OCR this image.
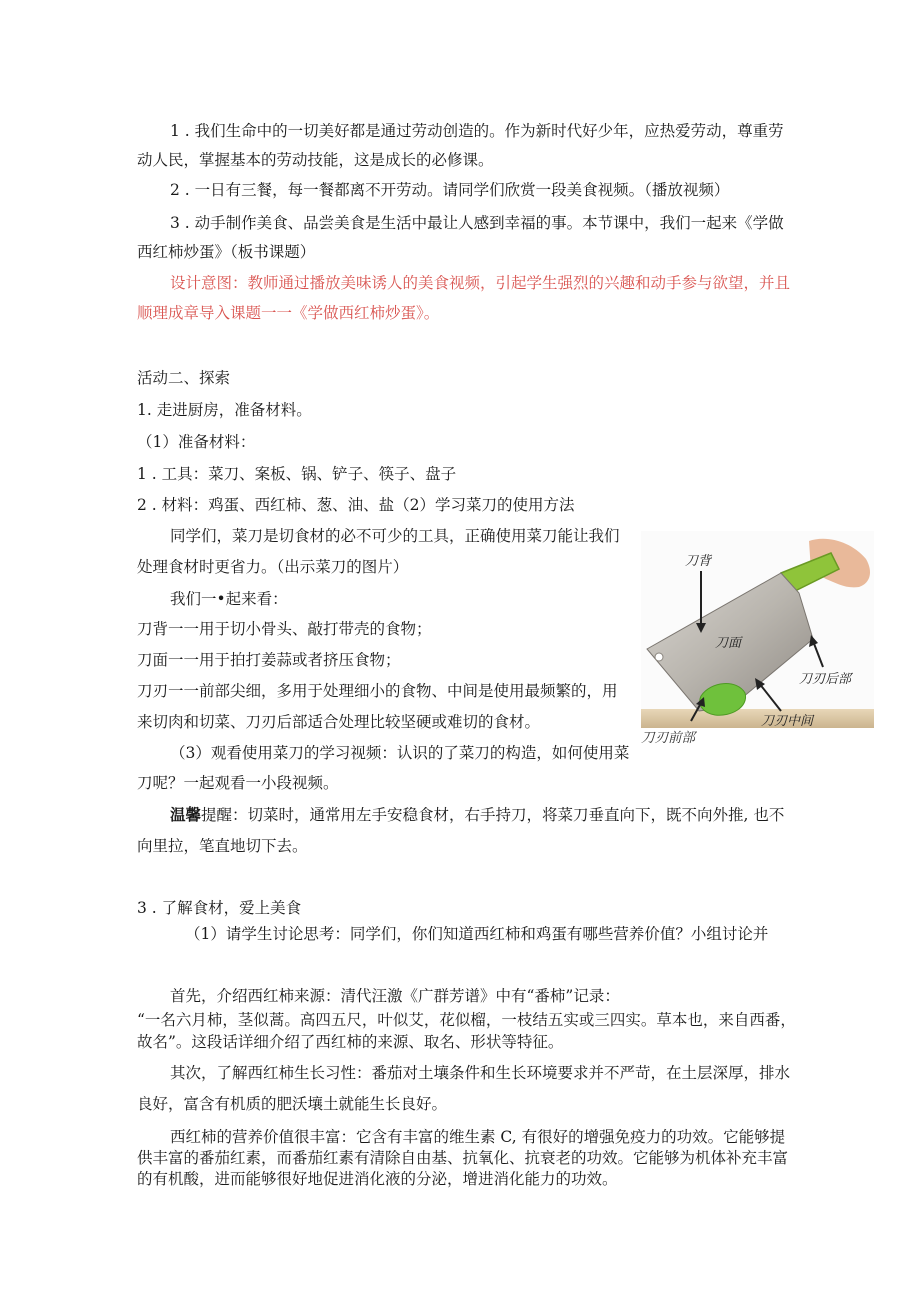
1 . 我们生命中的一切美好都是通过劳动创造的。作为新时代好少年，应热爱劳动，尊重劳
动人民，掌握基本的劳动技能，这是成长的必修课。
2 . 一日有三餐，每一餐都离不开劳动。请同学们欣赏一段美食视频。（播放视频）
3 . 动手制作美食、品尝美食是生活中最让人感到幸福的事。本节课中，我们一起来《学做
西红柿炒蛋》（板书课题）
设计意图：教师通过播放美味诱人的美食视频，引起学生强烈的兴趣和动手参与欲望，并且
顺理成章导入课题一一《学做西红柿炒蛋》。
活动二、探索
1. 走进厨房，准备材料。
（1）准备材料：
1 . 工具：菜刀、案板、锅、铲子、筷子、盘子
2 . 材料：鸡蛋、西红柿、葱、油、盐（2）学习菜刀的使用方法
同学们，菜刀是切食材的必不可少的工具，正确使用菜刀能让我们
处理食材时更省力。（出示菜刀的图片）
我们一•起来看：
刀背一一用于切小骨头、敲打带壳的食物；
刀面一一用于拍打姜蒜或者挤压食物；
刀刃一一前部尖细，多用于处理细小的食物、中间是使用最频繁的，用
来切肉和切菜、刀刃后部适合处理比较坚硬或难切的食材。
（3）观看使用菜刀的学习视频：认识的了菜刀的构造，如何使用菜
刀呢？一起观看一小段视频。
温馨提醒：切菜时，通常用左手安稳食材，右手持刀，将菜刀垂直向下，既不向外推, 也不
向里拉，笔直地切下去。
刀背
刀面
刀刃后部
刀刃中间
刀刃前部
3 . 了解食材，爱上美食
（1）请学生讨论思考：同学们，你们知道西红柿和鸡蛋有哪些营养价值？小组讨论并
首先，介绍西红柿来源：清代汪激《广群芳谱》中有“番柿”记录：
“一名六月柿，茎似蒿。高四五尺，叶似艾，花似榴，一枝结五实或三四实。草本也，来自西番，
故名”。这段话详细介绍了西红柿的来源、取名、形状等特征。
其次，了解西红柿生长习性：番茄对土壤条件和生长环境要求并不严苛，在土层深厚，排水
良好，富含有机质的肥沃壤土就能生长良好。
西红柿的营养价值很丰富：它含有丰富的维生素 C, 有很好的增强免疫力的功效。它能够提
供丰富的番茄红素，而番茄红素有清除自由基、抗氧化、抗衰老的功效。它能够为机体补充丰富
的有机酸，进而能够很好地促进消化液的分泌，增进消化能力的功效。
